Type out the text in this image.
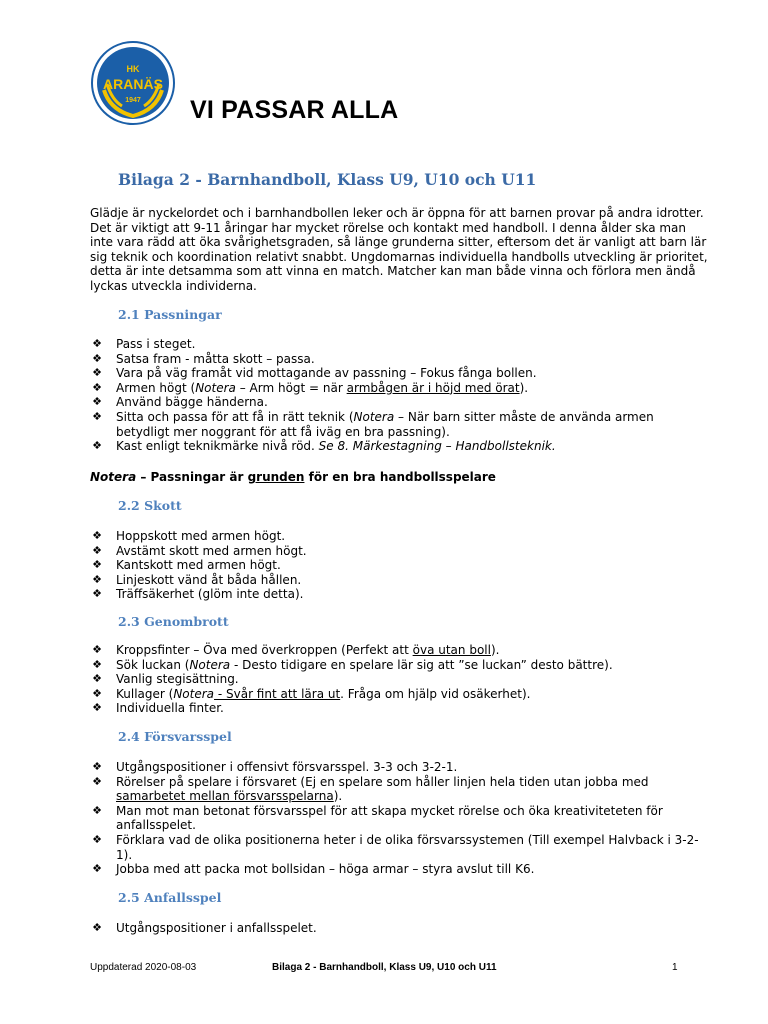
HK
ARANÄS
1947 VI PASSAR ALLA
Bilaga 2 - Barnhandboll, Klass U9, U10 och U11
Glädje är nyckelordet och i barnhandbollen leker och är öppna för att barnen provar på andra idrotter.
Det är viktigt att 9-11 åringar har mycket rörelse och kontakt med handboll. I denna ålder ska man
inte vara rädd att öka svårighetsgraden, så länge grunderna sitter, eftersom det är vanligt att barn lär
sig teknik och koordination relativt snabbt. Ungdomarnas individuella handbolls utveckling är prioritet,
detta är inte detsamma som att vinna en match. Matcher kan man både vinna och förlora men ändå
lyckas utveckla individerna.
2.1 Passningar
❖ Pass i steget.
❖ Satsa fram - måtta skott – passa.
❖ Vara på väg framåt vid mottagande av passning – Fokus fånga bollen.
❖ Armen högt (Notera – Arm högt = när armbågen är i höjd med örat).
❖ Använd bägge händerna.
❖ Sitta och passa för att få in rätt teknik (Notera – När barn sitter måste de använda armen
betydligt mer noggrant för att få iväg en bra passning).
❖ Kast enligt teknikmärke nivå röd. Se 8. Märkestagning – Handbollsteknik.
Notera – Passningar är grunden för en bra handbollsspelare
2.2 Skott
❖ Hoppskott med armen högt.
❖ Avstämt skott med armen högt.
❖ Kantskott med armen högt.
❖ Linjeskott vänd åt båda hållen.
❖ Träffsäkerhet (glöm inte detta).
2.3 Genombrott
❖ Kroppsfinter – Öva med överkroppen (Perfekt att öva utan boll).
❖ Sök luckan (Notera - Desto tidigare en spelare lär sig att ”se luckan” desto bättre).
❖ Vanlig stegisättning.
❖ Kullager (Notera - Svår fint att lära ut. Fråga om hjälp vid osäkerhet).
❖ Individuella finter.
2.4 Försvarsspel
❖ Utgångspositioner i offensivt försvarsspel. 3-3 och 3-2-1.
❖ Rörelser på spelare i försvaret (Ej en spelare som håller linjen hela tiden utan jobba med
samarbetet mellan försvarsspelarna).
❖ Man mot man betonat försvarsspel för att skapa mycket rörelse och öka kreativiteteten för
anfallsspelet.
❖ Förklara vad de olika positionerna heter i de olika försvarssystemen (Till exempel Halvback i 3-2-
1).
❖ Jobba med att packa mot bollsidan – höga armar – styra avslut till K6.
2.5 Anfallsspel
❖ Utgångspositioner i anfallsspelet.
Uppdaterad 2020-08-03	Bilaga 2 - Barnhandboll, Klass U9, U10 och U11	1
